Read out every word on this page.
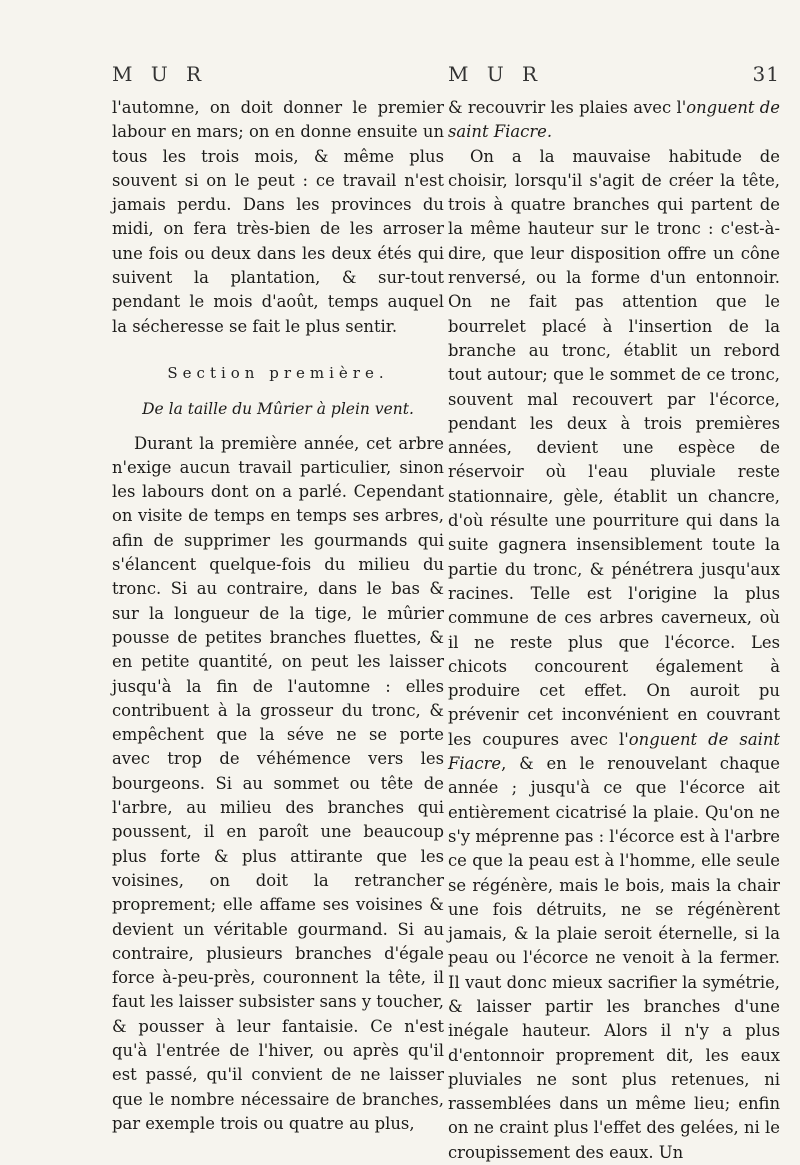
M U R

l'automne, on doit donner le premier labour en mars; on en donne ensuite un tous les trois mois, & même plus souvent si on le peut : ce travail n'est jamais perdu. Dans les provinces du midi, on fera très-bien de les arroser une fois ou deux dans les deux étés qui suivent la plantation, & sur-tout pendant le mois d'août, temps auquel la sécheresse se fait le plus sentir.

Section première.
De la taille du Mûrier à plein vent.

Durant la première année, cet arbre n'exige aucun travail particulier, sinon les labours dont on a parlé. Cependant on visite de temps en temps ses arbres, afin de supprimer les gourmands qui s'élancent quelque-fois du milieu du tronc. Si au contraire, dans le bas & sur la longueur de la tige, le mûrier pousse de petites branches fluettes, & en petite quantité, on peut les laisser jusqu'à la fin de l'automne : elles contribuent à la grosseur du tronc, & empêchent que la séve ne se porte avec trop de véhémence vers les bourgeons. Si au sommet ou tête de l'arbre, au milieu des branches qui poussent, il en paroît une beaucoup plus forte & plus attirante que les voisines, on doit la retrancher proprement; elle affame ses voisines & devient un véritable gourmand. Si au contraire, plusieurs branches d'égale force à-peu-près, couronnent la tête, il faut les laisser subsister sans y toucher, & pousser à leur fantaisie. Ce n'est qu'à l'entrée de l'hiver, ou après qu'il est passé, qu'il convient de ne laisser que le nombre nécessaire de branches, par exemple trois ou quatre au plus,

M U R	31

& recouvrir les plaies avec l'onguent de saint Fiacre.

On a la mauvaise habitude de choisir, lorsqu'il s'agit de créer la tête, trois à quatre branches qui partent de la même hauteur sur le tronc : c'est-à-dire, que leur disposition offre un cône renversé, ou la forme d'un entonnoir. On ne fait pas attention que le bourrelet placé à l'insertion de la branche au tronc, établit un rebord tout autour; que le sommet de ce tronc, souvent mal recouvert par l'écorce, pendant les deux à trois premières années, devient une espèce de réservoir où l'eau pluviale reste stationnaire, gèle, établit un chancre, d'où résulte une pourriture qui dans la suite gagnera insensiblement toute la partie du tronc, & pénétrera jusqu'aux racines. Telle est l'origine la plus commune de ces arbres caverneux, où il ne reste plus que l'écorce. Les chicots concourent également à produire cet effet. On auroit pu prévenir cet inconvénient en couvrant les coupures avec l'onguent de saint Fiacre, & en le renouvelant chaque année ; jusqu'à ce que l'écorce ait entièrement cicatrisé la plaie. Qu'on ne s'y méprenne pas : l'écorce est à l'arbre ce que la peau est à l'homme, elle seule se régénère, mais le bois, mais la chair une fois détruits, ne se régénèrent jamais, & la plaie seroit éternelle, si la peau ou l'écorce ne venoit à la fermer. Il vaut donc mieux sacrifier la symétrie, & laisser partir les branches d'une inégale hauteur. Alors il n'y a plus d'entonnoir proprement dit, les eaux pluviales ne sont plus retenues, ni rassemblées dans un même lieu; enfin on ne craint plus l'effet des gelées, ni le croupissement des eaux. Un
